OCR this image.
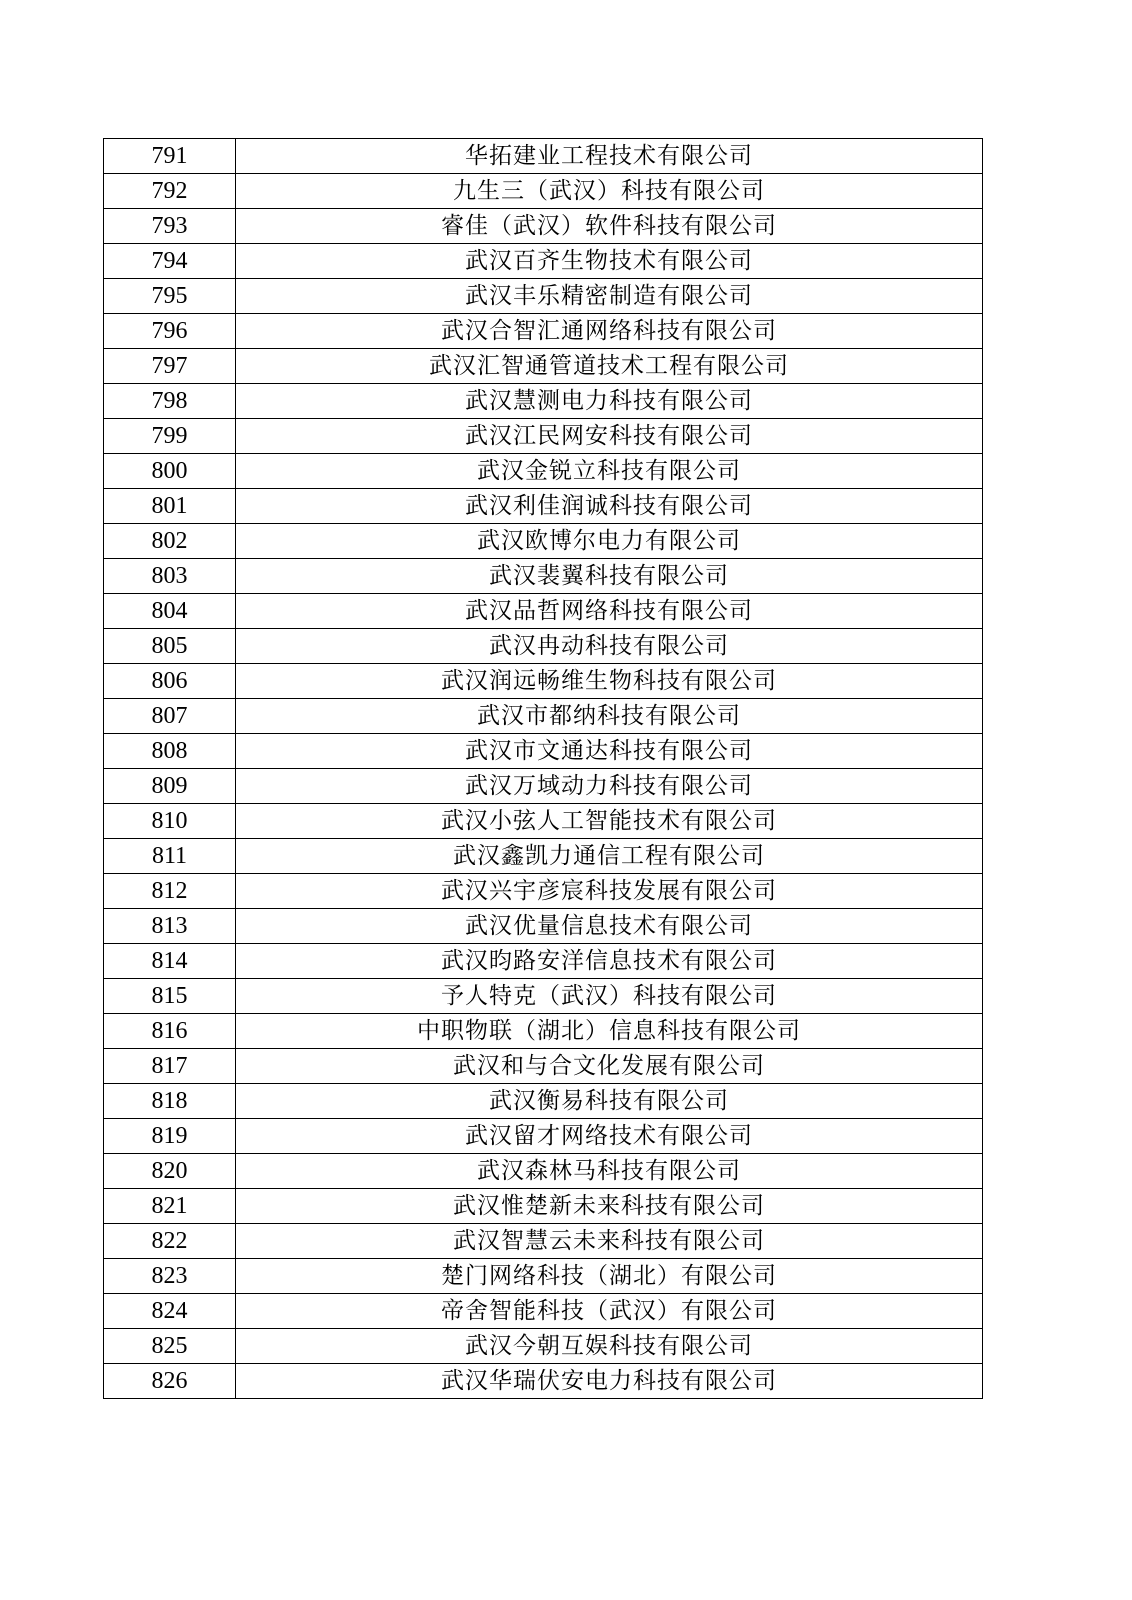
791	华拓建业工程技术有限公司
792	九生三（武汉）科技有限公司
793	睿佳（武汉）软件科技有限公司
794	武汉百齐生物技术有限公司
795	武汉丰乐精密制造有限公司
796	武汉合智汇通网络科技有限公司
797	武汉汇智通管道技术工程有限公司
798	武汉慧测电力科技有限公司
799	武汉江民网安科技有限公司
800	武汉金锐立科技有限公司
801	武汉利佳润诚科技有限公司
802	武汉欧博尔电力有限公司
803	武汉裴翼科技有限公司
804	武汉品哲网络科技有限公司
805	武汉冉动科技有限公司
806	武汉润远畅维生物科技有限公司
807	武汉市都纳科技有限公司
808	武汉市文通达科技有限公司
809	武汉万域动力科技有限公司
810	武汉小弦人工智能技术有限公司
811	武汉鑫凯力通信工程有限公司
812	武汉兴宇彦宸科技发展有限公司
813	武汉优量信息技术有限公司
814	武汉昀路安洋信息技术有限公司
815	予人特克（武汉）科技有限公司
816	中职物联（湖北）信息科技有限公司
817	武汉和与合文化发展有限公司
818	武汉衡易科技有限公司
819	武汉留才网络技术有限公司
820	武汉森林马科技有限公司
821	武汉惟楚新未来科技有限公司
822	武汉智慧云未来科技有限公司
823	楚门网络科技（湖北）有限公司
824	帝舍智能科技（武汉）有限公司
825	武汉今朝互娱科技有限公司
826	武汉华瑞伏安电力科技有限公司
